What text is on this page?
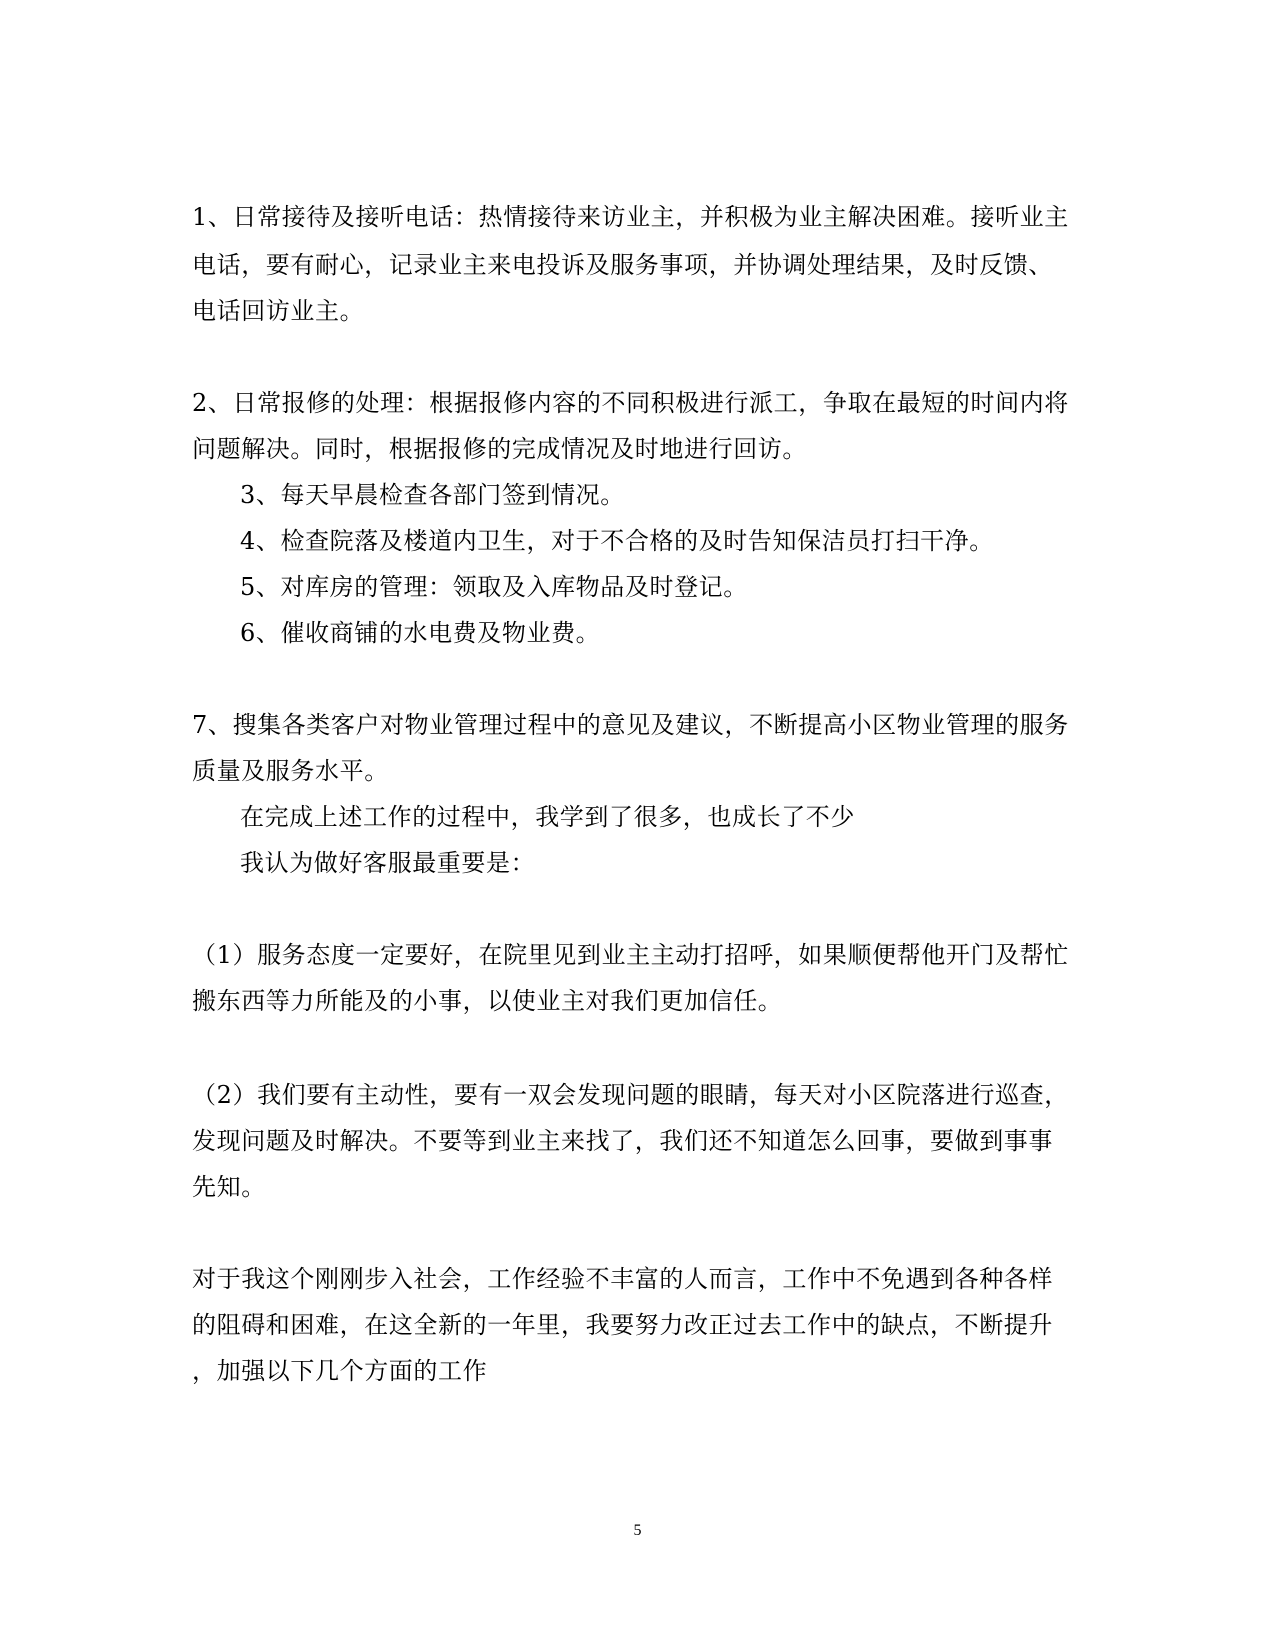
1、日常接待及接听电话：热情接待来访业主，并积极为业主解决困难。接听业主
电话，要有耐心，记录业主来电投诉及服务事项，并协调处理结果，及时反馈、
电话回访业主。
2、日常报修的处理：根据报修内容的不同积极进行派工，争取在最短的时间内将
问题解决。同时，根据报修的完成情况及时地进行回访。
3、每天早晨检查各部门签到情况。
4、检查院落及楼道内卫生，对于不合格的及时告知保洁员打扫干净。
5、对库房的管理：领取及入库物品及时登记。
6、催收商铺的水电费及物业费。
7、搜集各类客户对物业管理过程中的意见及建议，不断提高小区物业管理的服务
质量及服务水平。
在完成上述工作的过程中，我学到了很多，也成长了不少
我认为做好客服最重要是：
（1）服务态度一定要好，在院里见到业主主动打招呼，如果顺便帮他开门及帮忙
搬东西等力所能及的小事，以使业主对我们更加信任。
（2）我们要有主动性，要有一双会发现问题的眼睛，每天对小区院落进行巡查，
发现问题及时解决。不要等到业主来找了，我们还不知道怎么回事，要做到事事
先知。
对于我这个刚刚步入社会，工作经验不丰富的人而言，工作中不免遇到各种各样
的阻碍和困难，在这全新的一年里，我要努力改正过去工作中的缺点，不断提升
，加强以下几个方面的工作
5
